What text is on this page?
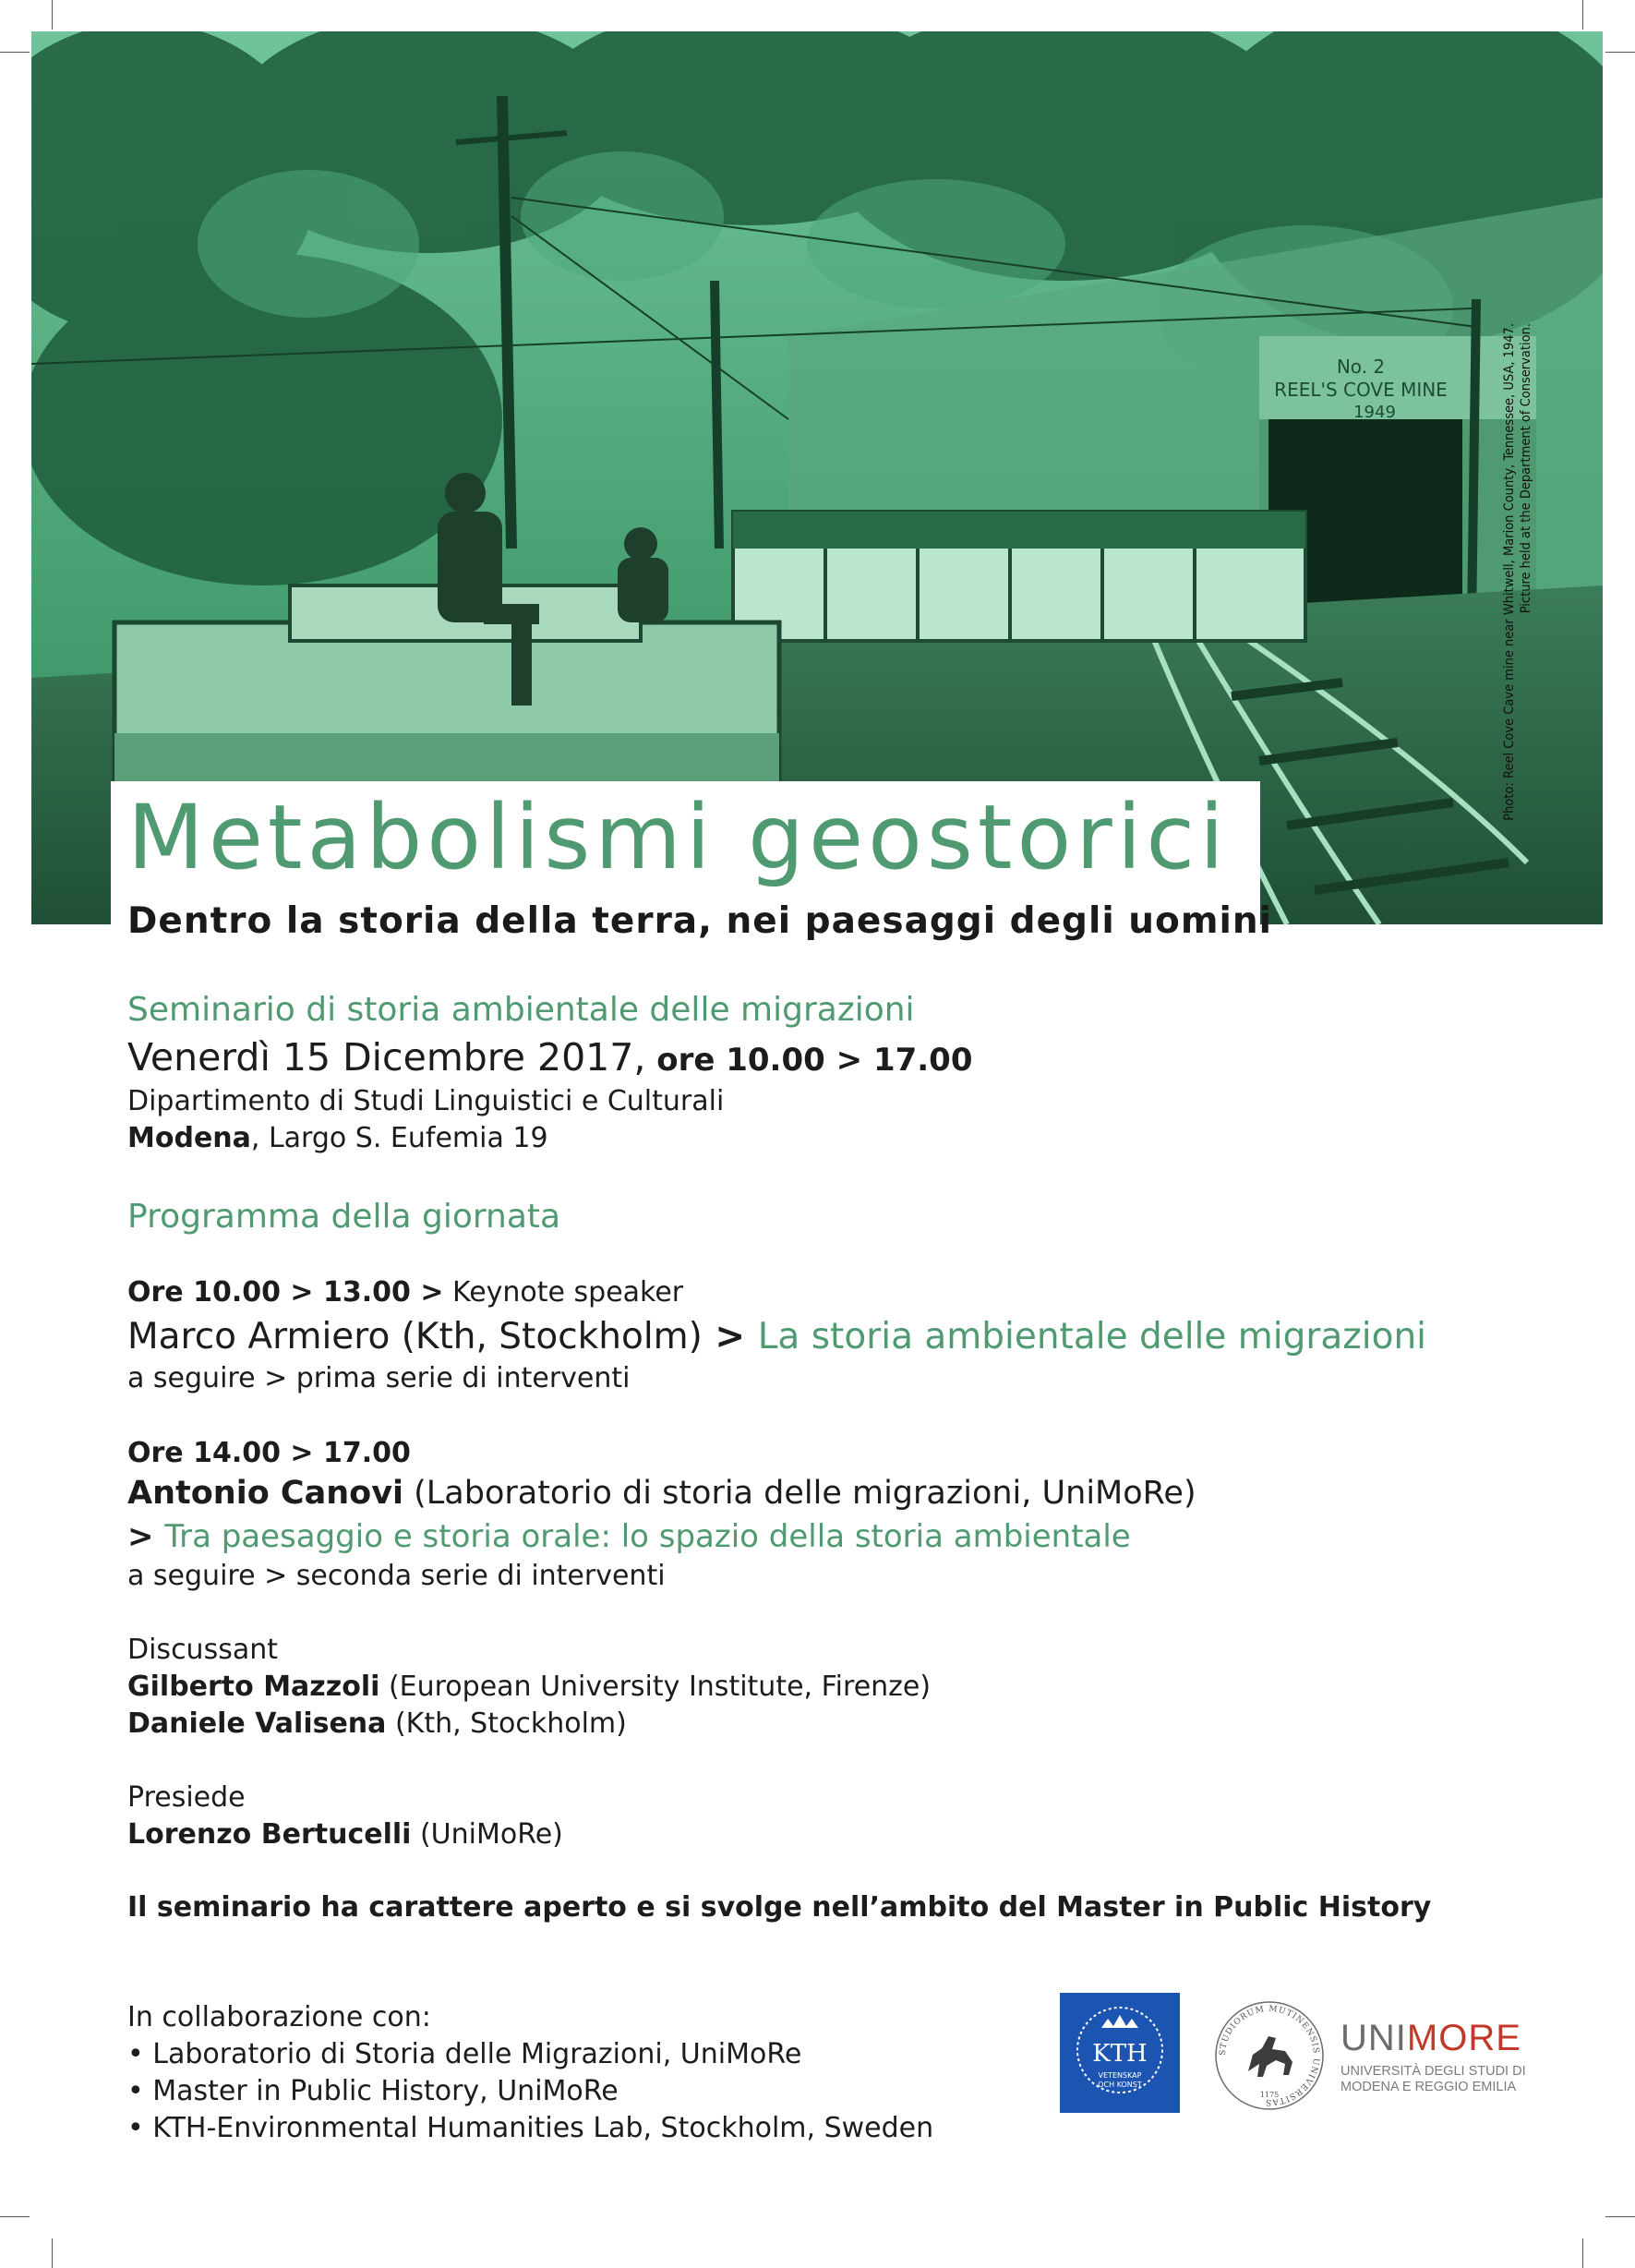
No. 2
REEL'S COVE MINE
1949	Photo: Reel Cove Cave mine near Whitwell, Marion County, Tennessee, USA, 1947. Picture held at the Department of Conservation.
Metabolismi geostorici
Dentro la storia della terra, nei paesaggi degli uomini

Seminario di storia ambientale delle migrazioni

Venerdì 15 Dicembre 2017, ore 10.00 > 17.00

Dipartimento di Studi Linguistici e Culturali

Modena, Largo S. Eufemia 19

Programma della giornata

Ore 10.00 > 13.00 > Keynote speaker

Marco Armiero (Kth, Stockholm) > La storia ambientale delle migrazioni

a seguire > prima serie di interventi

Ore 14.00 > 17.00

Antonio Canovi (Laboratorio di storia delle migrazioni, UniMoRe)

> Tra paesaggio e storia orale: lo spazio della storia ambientale

a seguire > seconda serie di interventi

Discussant

Gilberto Mazzoli (European University Institute, Firenze)

Daniele Valisena (Kth, Stockholm)

Presiede

Lorenzo Bertucelli (UniMoRe)

Il seminario ha carattere aperto e si svolge nell’ambito del Master in Public History

In collaborazione con:

• Laboratorio di Storia delle Migrazioni, UniMoRe

• Master in Public History, UniMoRe

• KTH-Environmental Humanities Lab, Stockholm, Sweden

KTH
VETENSKAP
OCH KONST
STUDIORUM MUTINENSIS UNIVERSITAS
1175
UNIMORE
UNIVERSITÀ DEGLI STUDI DI
MODENA E REGGIO EMILIA
